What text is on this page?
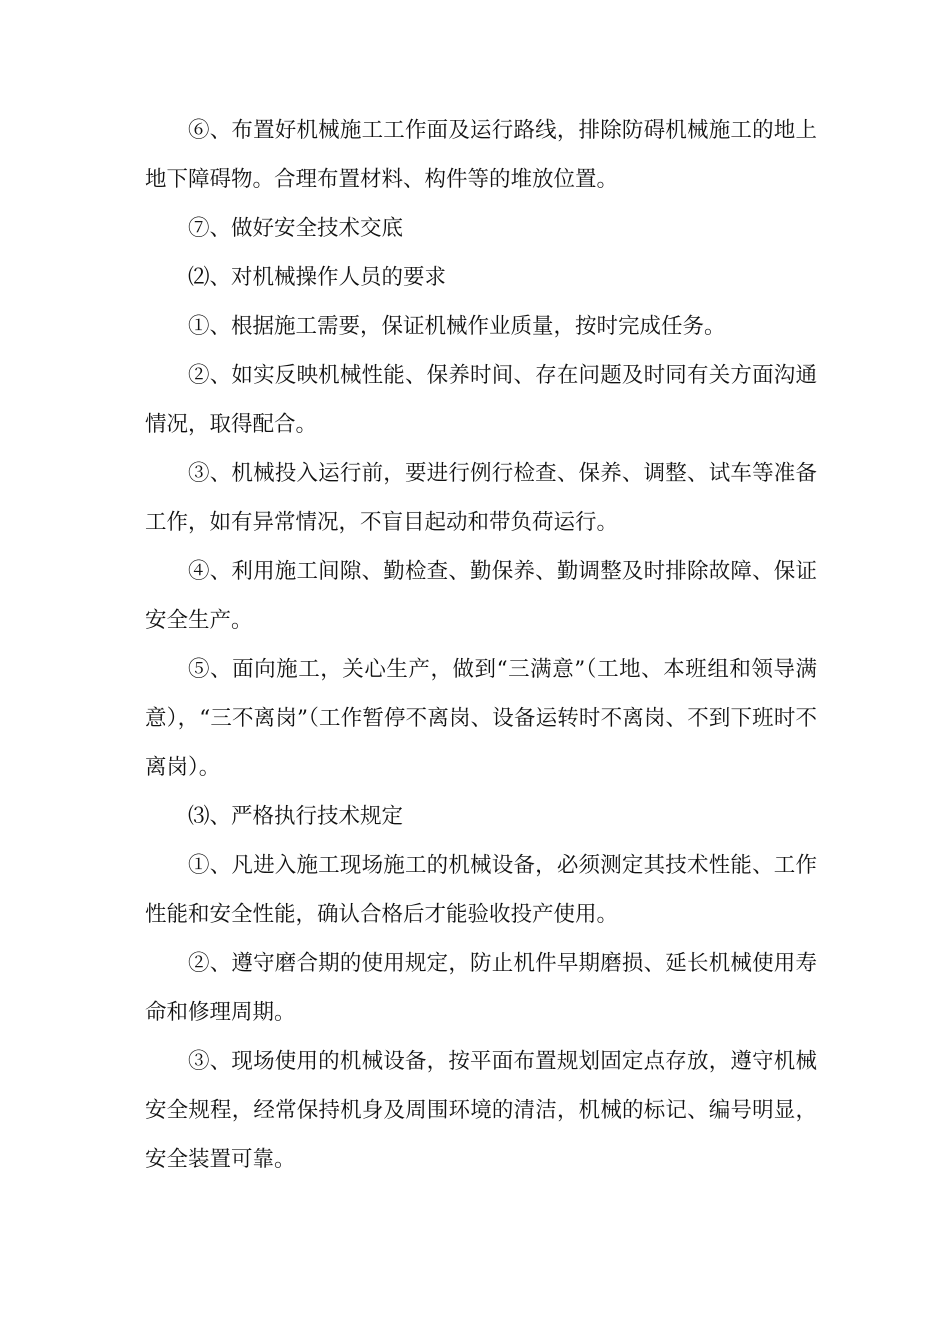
⑥、布置好机械施工工作面及运行路线，排除防碍机械施工的地上地下障碍物。合理布置材料、构件等的堆放位置。

⑦、做好安全技术交底

⑵、对机械操作人员的要求

①、根据施工需要，保证机械作业质量，按时完成任务。

②、如实反映机械性能、保养时间、存在问题及时同有关方面沟通情况，取得配合。

③、机械投入运行前，要进行例行检查、保养、调整、试车等准备工作，如有异常情况，不盲目起动和带负荷运行。

④、利用施工间隙、勤检查、勤保养、勤调整及时排除故障、保证安全生产。

⑤、面向施工，关心生产，做到“三满意”（工地、本班组和领导满意），“三不离岗”（工作暂停不离岗、设备运转时不离岗、不到下班时不离岗）。

⑶、严格执行技术规定

①、凡进入施工现场施工的机械设备，必须测定其技术性能、工作性能和安全性能，确认合格后才能验收投产使用。

②、遵守磨合期的使用规定，防止机件早期磨损、延长机械使用寿命和修理周期。

③、现场使用的机械设备，按平面布置规划固定点存放，遵守机械安全规程，经常保持机身及周围环境的清洁，机械的标记、编号明显，安全装置可靠。
